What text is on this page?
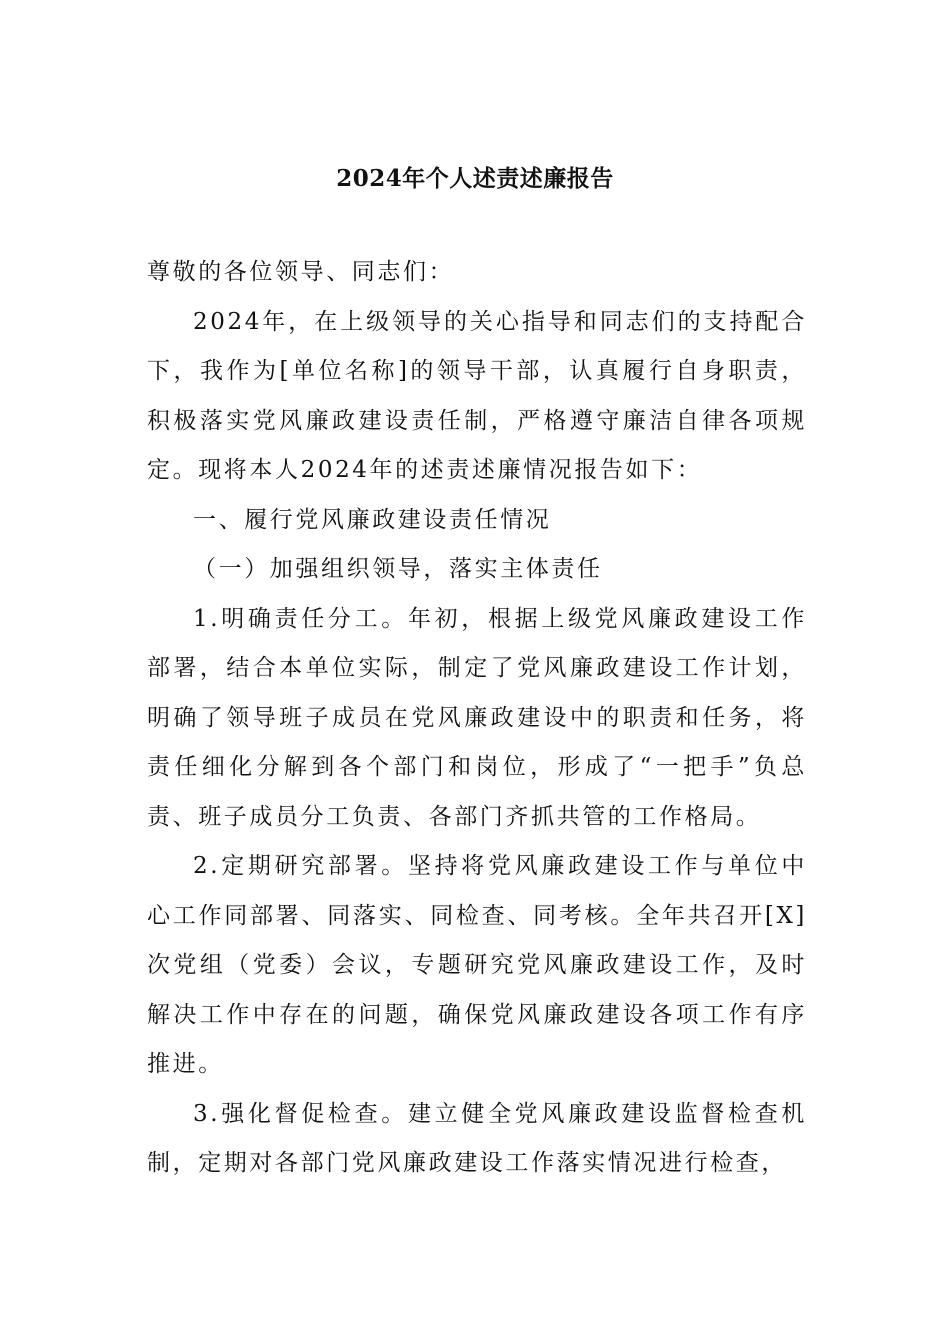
2024年个人述责述廉报告

尊敬的各位领导、同志们：

2024年，在上级领导的关心指导和同志们的支持配合下，我作为[单位名称]的领导干部，认真履行自身职责，积极落实党风廉政建设责任制，严格遵守廉洁自律各项规定。现将本人2024年的述责述廉情况报告如下：

一、履行党风廉政建设责任情况

（一）加强组织领导，落实主体责任

1.明确责任分工。年初，根据上级党风廉政建设工作部署，结合本单位实际，制定了党风廉政建设工作计划，明确了领导班子成员在党风廉政建设中的职责和任务，将责任细化分解到各个部门和岗位，形成了“一把手”负总责、班子成员分工负责、各部门齐抓共管的工作格局。

2.定期研究部署。坚持将党风廉政建设工作与单位中心工作同部署、同落实、同检查、同考核。全年共召开[X]次党组（党委）会议，专题研究党风廉政建设工作，及时解决工作中存在的问题，确保党风廉政建设各项工作有序推进。

3.强化督促检查。建立健全党风廉政建设监督检查机制，定期对各部门党风廉政建设工作落实情况进行检查，
